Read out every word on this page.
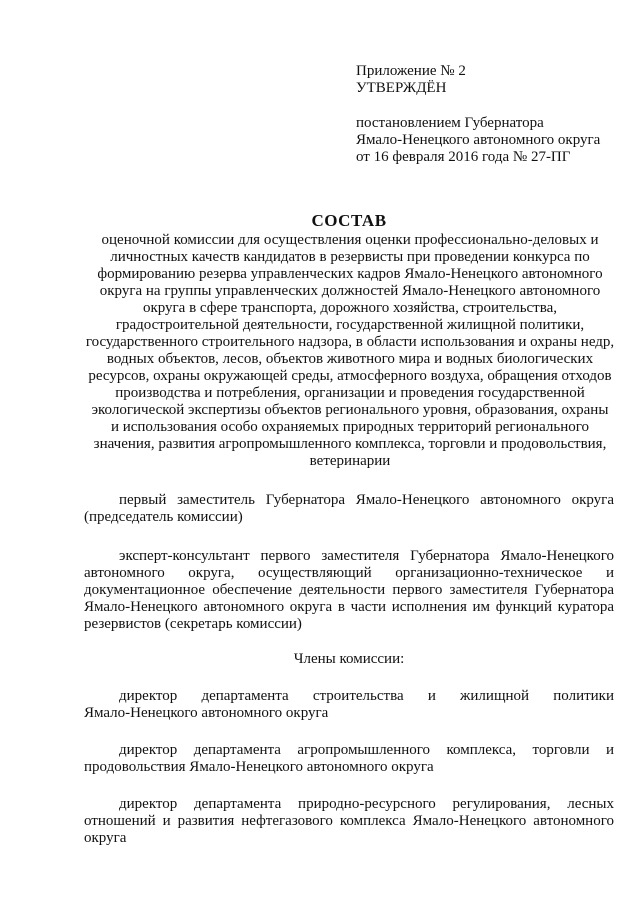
Приложение № 2
УТВЕРЖДЁН
постановлением Губернатора
Ямало-Ненецкого автономного округа
от 16 февраля 2016 года № 27-ПГ
СОСТАВ
оценочной комиссии для осуществления оценки профессионально-деловых и
личностных качеств кандидатов в резервисты при проведении конкурса по
формированию резерва управленческих кадров Ямало-Ненецкого автономного
округа на группы управленческих должностей Ямало-Ненецкого автономного
округа в сфере транспорта, дорожного хозяйства, строительства,
градостроительной деятельности, государственной жилищной политики,
государственного строительного надзора, в области использования и охраны недр,
водных объектов, лесов, объектов животного мира и водных биологических
ресурсов, охраны окружающей среды, атмосферного воздуха, обращения отходов
производства и потребления, организации и проведения государственной
экологической экспертизы объектов регионального уровня, образования, охраны
и использования особо охраняемых природных территорий регионального
значения, развития агропромышленного комплекса, торговли и продовольствия,
ветеринарии
первый заместитель Губернатора Ямало-Ненецкого автономного округа
(председатель комиссии)
эксперт-консультант первого заместителя Губернатора Ямало-Ненецкого
автономного округа, осуществляющий организационно-техническое и
документационное обеспечение деятельности первого заместителя Губернатора
Ямало-Ненецкого автономного округа в части исполнения им функций куратора
резервистов (секретарь комиссии)
Члены комиссии:
директор департамента строительства и жилищной политики
Ямало-Ненецкого автономного округа
директор департамента агропромышленного комплекса, торговли и
продовольствия Ямало-Ненецкого автономного округа
директор департамента природно-ресурсного регулирования, лесных
отношений и развития нефтегазового комплекса Ямало-Ненецкого автономного
округа
